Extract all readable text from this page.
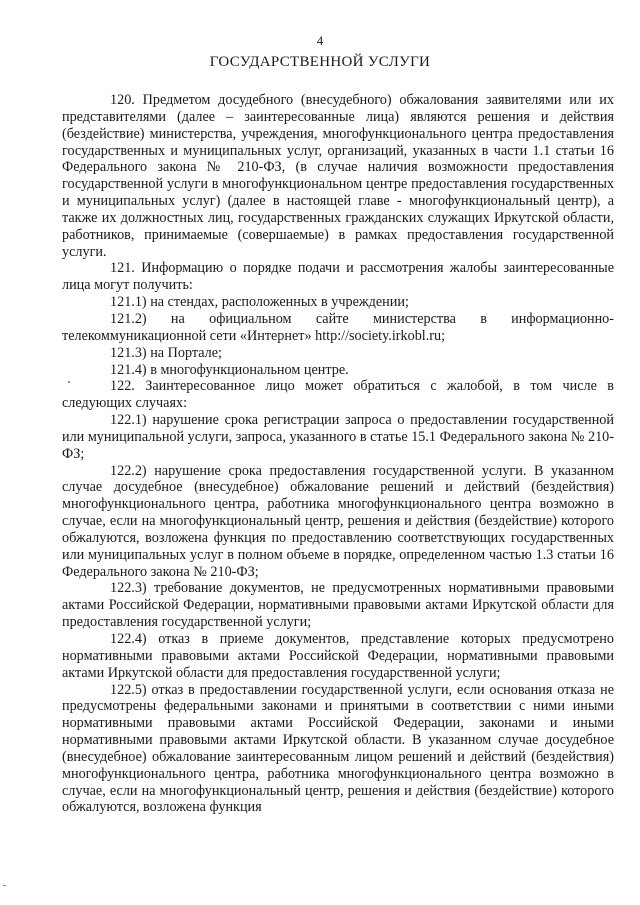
4
ГОСУДАРСТВЕННОЙ УСЛУГИ

120. Предметом досудебного (внесудебного) обжалования заявителями или их представителями (далее – заинтересованные лица) являются решения и действия (бездействие) министерства, учреждения, многофункционального центра предоставления государственных и муниципальных услуг, организаций, указанных в части 1.1 статьи 16 Федерального закона № 210-ФЗ, (в случае наличия возможности предоставления государственной услуги в многофункциональном центре предоставления государственных и муниципальных услуг) (далее в настоящей главе - многофункциональный центр), а также их должностных лиц, государственных гражданских служащих Иркутской области, работников, принимаемые (совершаемые) в рамках предоставления государственной услуги.

121. Информацию о порядке подачи и рассмотрения жалобы заинтересованные лица могут получить:

121.1) на стендах, расположенных в учреждении;

121.2) на официальном сайте министерства в информационно-телекоммуникационной сети «Интернет» http://society.irkobl.ru;

121.3) на Портале;

121.4) в многофункциональном центре.

122. Заинтересованное лицо может обратиться с жалобой, в том числе в следующих случаях:

122.1) нарушение срока регистрации запроса о предоставлении государственной или муниципальной услуги, запроса, указанного в статье 15.1 Федерального закона № 210-ФЗ;

122.2) нарушение срока предоставления государственной услуги. В указанном случае досудебное (внесудебное) обжалование решений и действий (бездействия) многофункционального центра, работника многофункционального центра возможно в случае, если на многофункциональный центр, решения и действия (бездействие) которого обжалуются, возложена функция по предоставлению соответствующих государственных или муниципальных услуг в полном объеме в порядке, определенном частью 1.3 статьи 16 Федерального закона № 210-ФЗ;

122.3) требование документов, не предусмотренных нормативными правовыми актами Российской Федерации, нормативными правовыми актами Иркутской области для предоставления государственной услуги;

122.4) отказ в приеме документов, представление которых предусмотрено нормативными правовыми актами Российской Федерации, нормативными правовыми актами Иркутской области для предоставления государственной услуги;

122.5) отказ в предоставлении государственной услуги, если основания отказа не предусмотрены федеральными законами и принятыми в соответствии с ними иными нормативными правовыми актами Российской Федерации, законами и иными нормативными правовыми актами Иркутской области. В указанном случае досудебное (внесудебное) обжалование заинтересованным лицом решений и действий (бездействия) многофункционального центра, работника многофункционального центра возможно в случае, если на многофункциональный центр, решения и действия (бездействие) которого обжалуются, возложена функция
